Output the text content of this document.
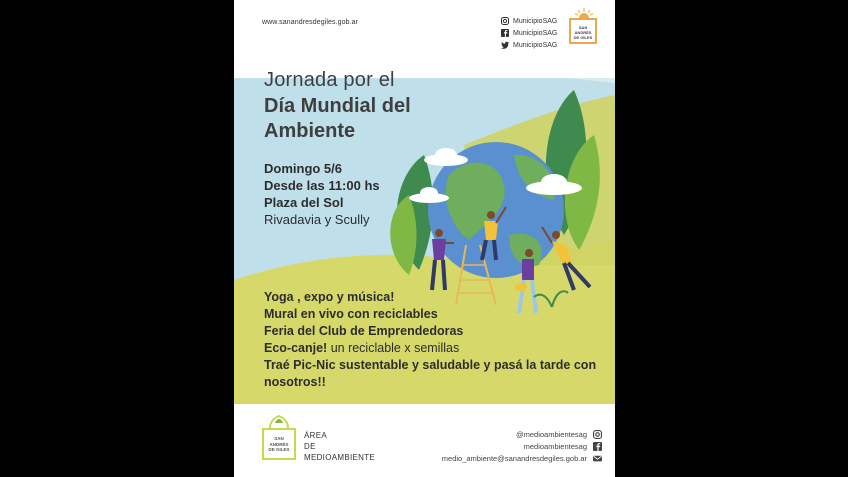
www.sanandresdegiles.gob.ar	MunicipioSAG
MunicipioSAG
MunicipioSAG
SAN
ANDRÉS
DE GILES
Jornada por el
Día Mundial del
Ambiente
Domingo 5/6
Desde las 11:00 hs
Plaza del Sol
Rivadavia y Scully
Yoga , expo y música!
Mural en vivo con reciclables
Feria del Club de Emprendedoras
Eco-canje! un reciclable x semillas
Traé Pic-Nic sustentable y saludable y pasá la tarde con nosotros!!
SAN
ANDRÉS
DE GILES
ÁREA
DE
MEDIOAMBIENTE
@medioambientesag
medioambientesag
medio_ambiente@sanandresdegiles.gob.ar
